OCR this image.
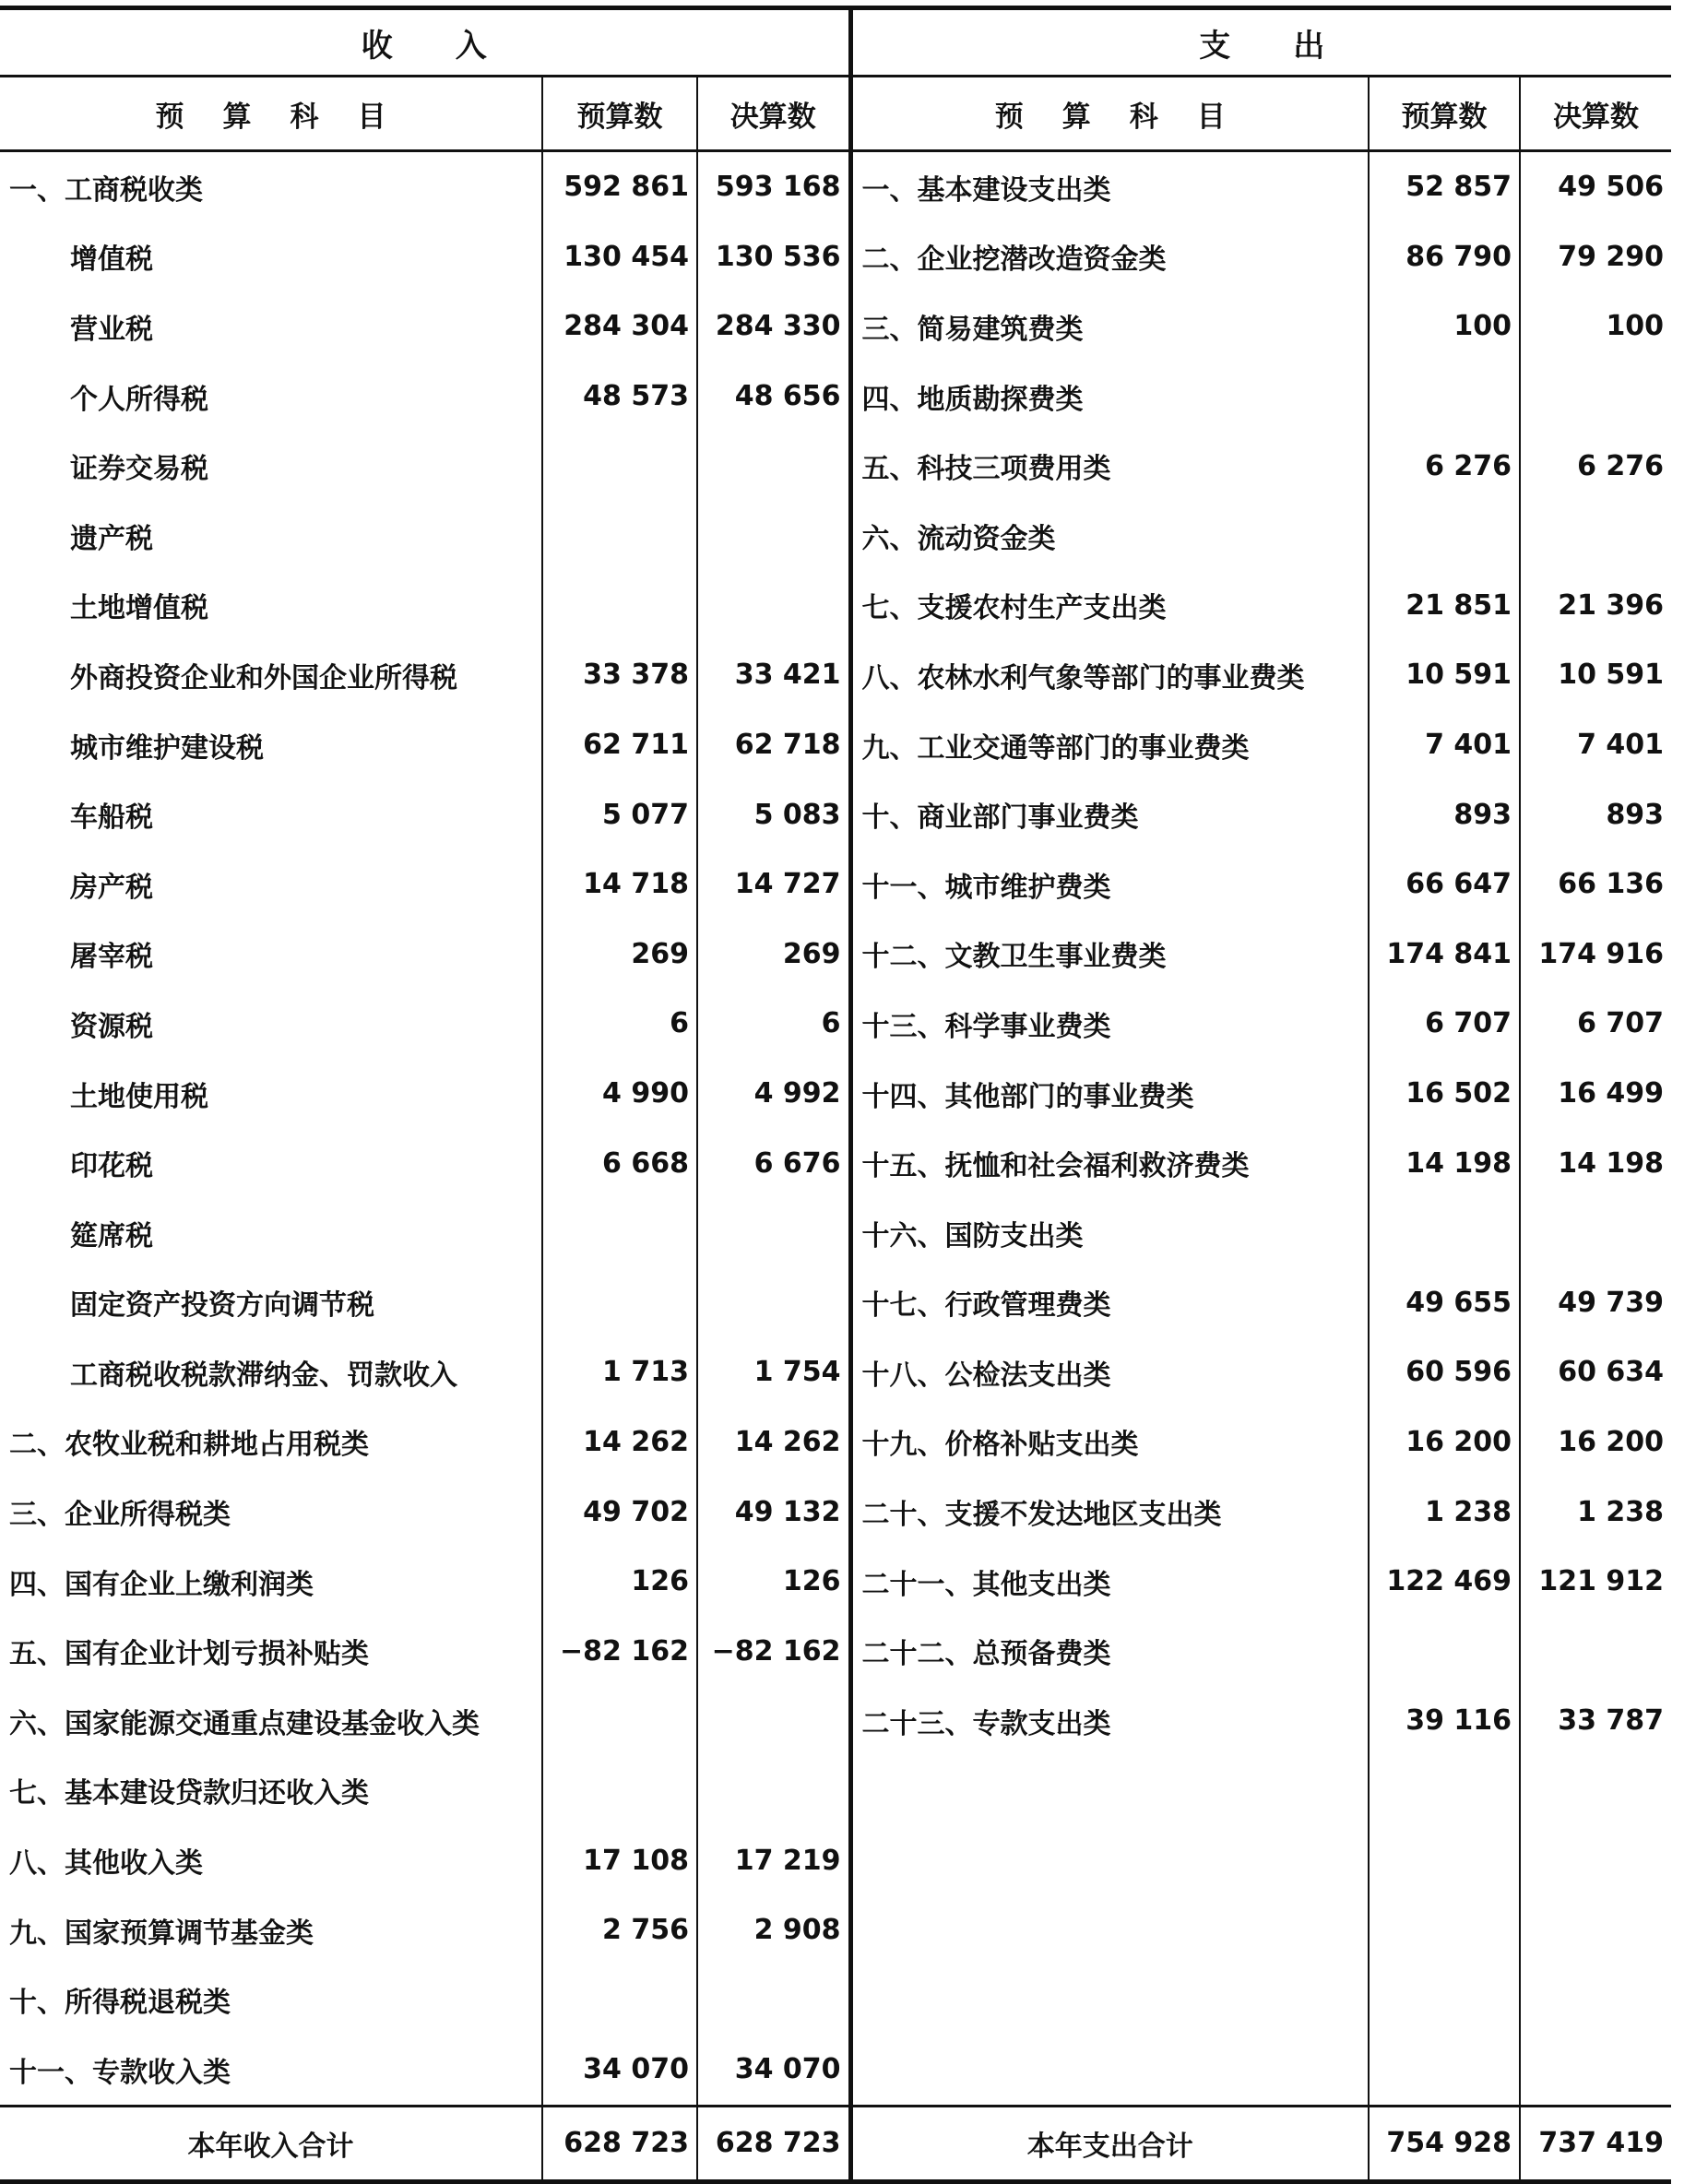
收　　入			支　　出		
预算科目	预算数	决算数	预算科目	预算数	决算数
一、工商税收类	592 861	593 168	一、基本建设支出类	52 857	49 506
增值税	130 454	130 536	二、企业挖潜改造资金类	86 790	79 290
营业税	284 304	284 330	三、简易建筑费类	100	100
个人所得税	48 573	48 656	四、地质勘探费类		
证券交易税			五、科技三项费用类	6 276	6 276
遗产税			六、流动资金类		
土地增值税			七、支援农村生产支出类	21 851	21 396
外商投资企业和外国企业所得税	33 378	33 421	八、农林水利气象等部门的事业费类	10 591	10 591
城市维护建设税	62 711	62 718	九、工业交通等部门的事业费类	7 401	7 401
车船税	5 077	5 083	十、商业部门事业费类	893	893
房产税	14 718	14 727	十一、城市维护费类	66 647	66 136
屠宰税	269	269	十二、文教卫生事业费类	174 841	174 916
资源税	6	6	十三、科学事业费类	6 707	6 707
土地使用税	4 990	4 992	十四、其他部门的事业费类	16 502	16 499
印花税	6 668	6 676	十五、抚恤和社会福利救济费类	14 198	14 198
筵席税			十六、国防支出类		
固定资产投资方向调节税			十七、行政管理费类	49 655	49 739
工商税收税款滞纳金、罚款收入	1 713	1 754	十八、公检法支出类	60 596	60 634
二、农牧业税和耕地占用税类	14 262	14 262	十九、价格补贴支出类	16 200	16 200
三、企业所得税类	49 702	49 132	二十、支援不发达地区支出类	1 238	1 238
四、国有企业上缴利润类	126	126	二十一、其他支出类	122 469	121 912
五、国有企业计划亏损补贴类	−82 162	−82 162	二十二、总预备费类		
六、国家能源交通重点建设基金收入类			二十三、专款支出类	39 116	33 787
七、基本建设贷款归还收入类					
八、其他收入类	17 108	17 219			
九、国家预算调节基金类	2 756	2 908			
十、所得税退税类					
十一、专款收入类	34 070	34 070			
本年收入合计	628 723	628 723	本年支出合计	754 928	737 419
